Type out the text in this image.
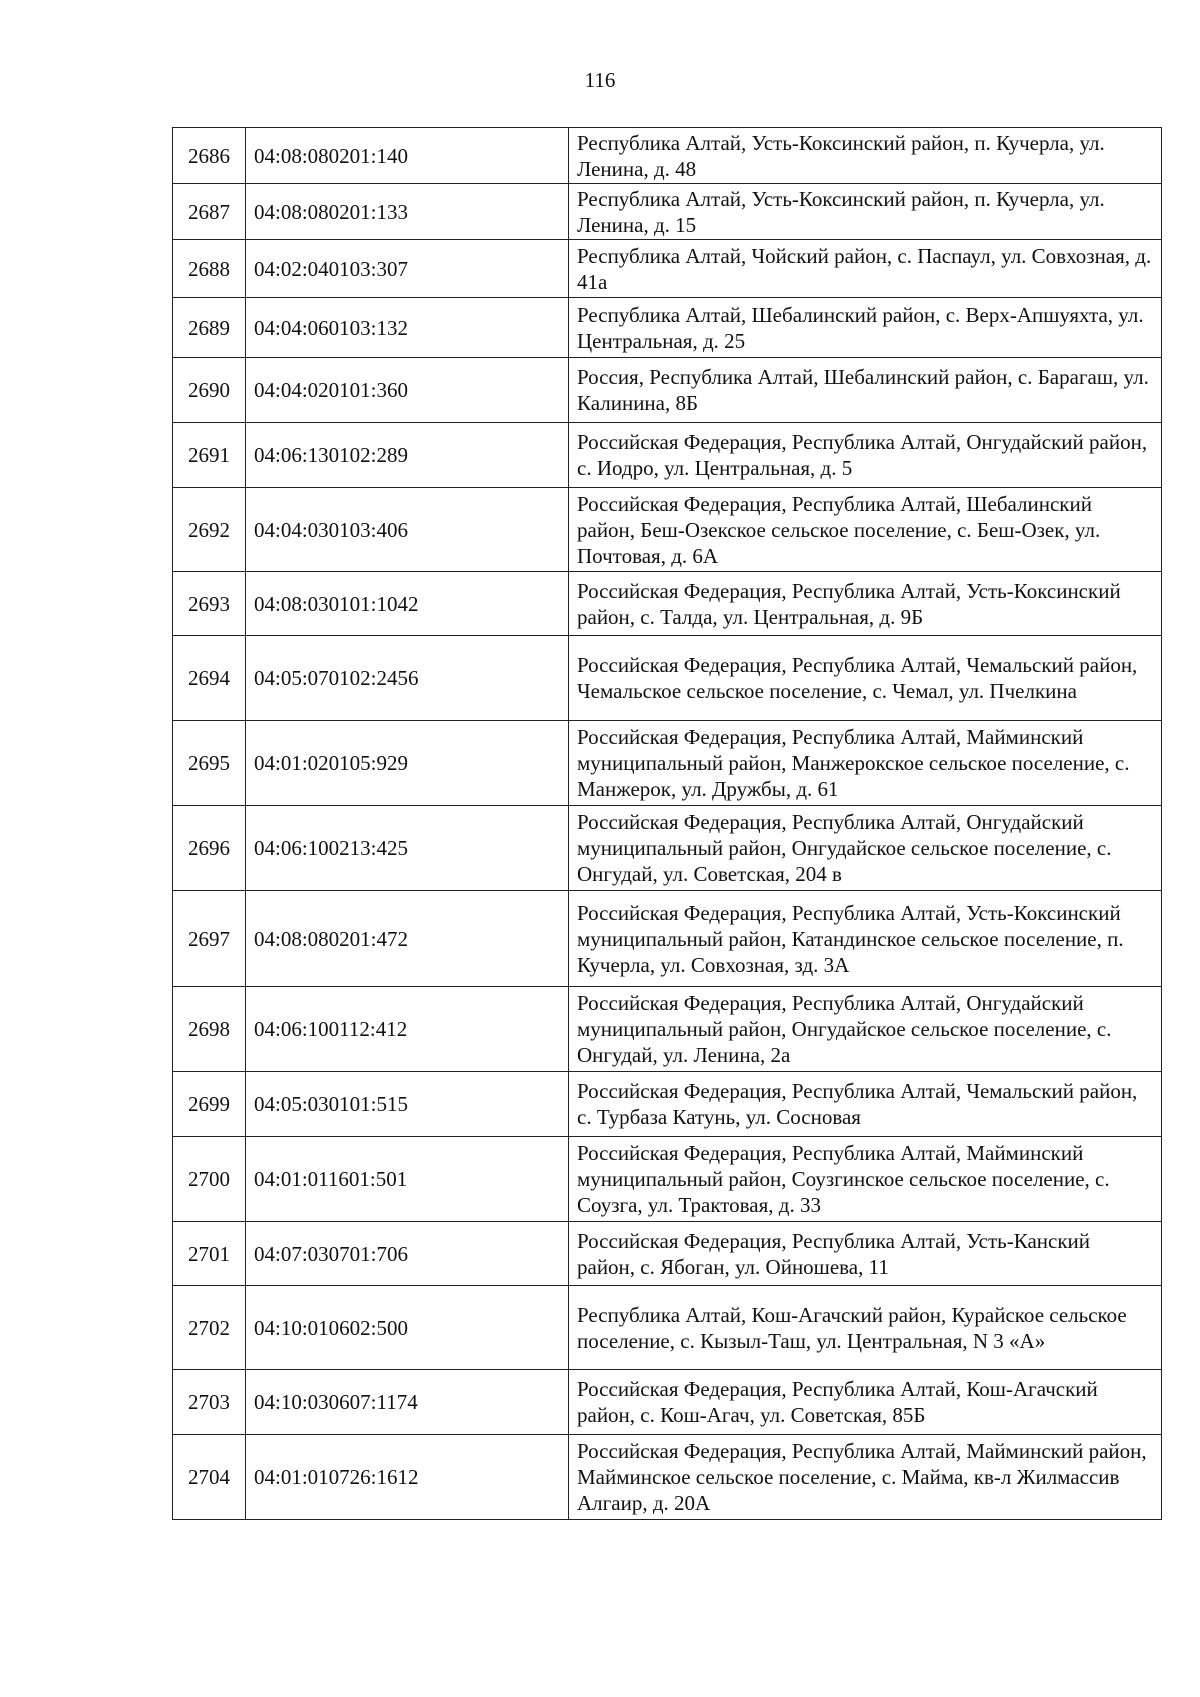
116
2686	04:08:080201:140	Республика Алтай, Усть-Коксинский район, п. Кучерла, ул. Ленина, д. 48
2687	04:08:080201:133	Республика Алтай, Усть-Коксинский район, п. Кучерла, ул. Ленина, д. 15
2688	04:02:040103:307	Республика Алтай, Чойский район, с. Паспаул, ул. Совхозная, д. 41а
2689	04:04:060103:132	Республика Алтай, Шебалинский район, с. Верх-Апшуяхта, ул. Центральная, д. 25
2690	04:04:020101:360	Россия, Республика Алтай, Шебалинский район, с. Барагаш, ул. Калинина, 8Б
2691	04:06:130102:289	Российская Федерация, Республика Алтай, Онгудайский район, с. Иодро, ул. Центральная, д. 5
2692	04:04:030103:406	Российская Федерация, Республика Алтай, Шебалинский район, Беш-Озекское сельское поселение, с. Беш-Озек, ул. Почтовая, д. 6А
2693	04:08:030101:1042	Российская Федерация, Республика Алтай, Усть-Коксинский район, с. Талда, ул. Центральная, д. 9Б
2694	04:05:070102:2456	Российская Федерация, Республика Алтай, Чемальский район, Чемальское сельское поселение, с. Чемал, ул. Пчелкина
2695	04:01:020105:929	Российская Федерация, Республика Алтай, Майминский муниципальный район, Манжерокское сельское поселение, с. Манжерок, ул. Дружбы, д. 61
2696	04:06:100213:425	Российская Федерация, Республика Алтай, Онгудайский муниципальный район, Онгудайское сельское поселение, с. Онгудай, ул. Советская, 204 в
2697	04:08:080201:472	Российская Федерация, Республика Алтай, Усть-Коксинский муниципальный район, Катандинское сельское поселение, п. Кучерла, ул. Совхозная, зд. 3А
2698	04:06:100112:412	Российская Федерация, Республика Алтай, Онгудайский муниципальный район, Онгудайское сельское поселение, с. Онгудай, ул. Ленина, 2а
2699	04:05:030101:515	Российская Федерация, Республика Алтай, Чемальский район, с. Турбаза Катунь, ул. Сосновая
2700	04:01:011601:501	Российская Федерация, Республика Алтай, Майминский муниципальный район, Соузгинское сельское поселение, с. Соузга, ул. Трактовая, д. 33
2701	04:07:030701:706	Российская Федерация, Республика Алтай, Усть-Канский район, с. Ябоган, ул. Ойношева, 11
2702	04:10:010602:500	Республика Алтай, Кош-Агачский район, Курайское сельское поселение, с. Кызыл-Таш, ул. Центральная, N 3 «А»
2703	04:10:030607:1174	Российская Федерация, Республика Алтай, Кош-Агачский район, с. Кош-Агач, ул. Советская, 85Б
2704	04:01:010726:1612	Российская Федерация, Республика Алтай, Майминский район, Майминское сельское поселение, с. Майма, кв-л Жилмассив Алгаир, д. 20А
